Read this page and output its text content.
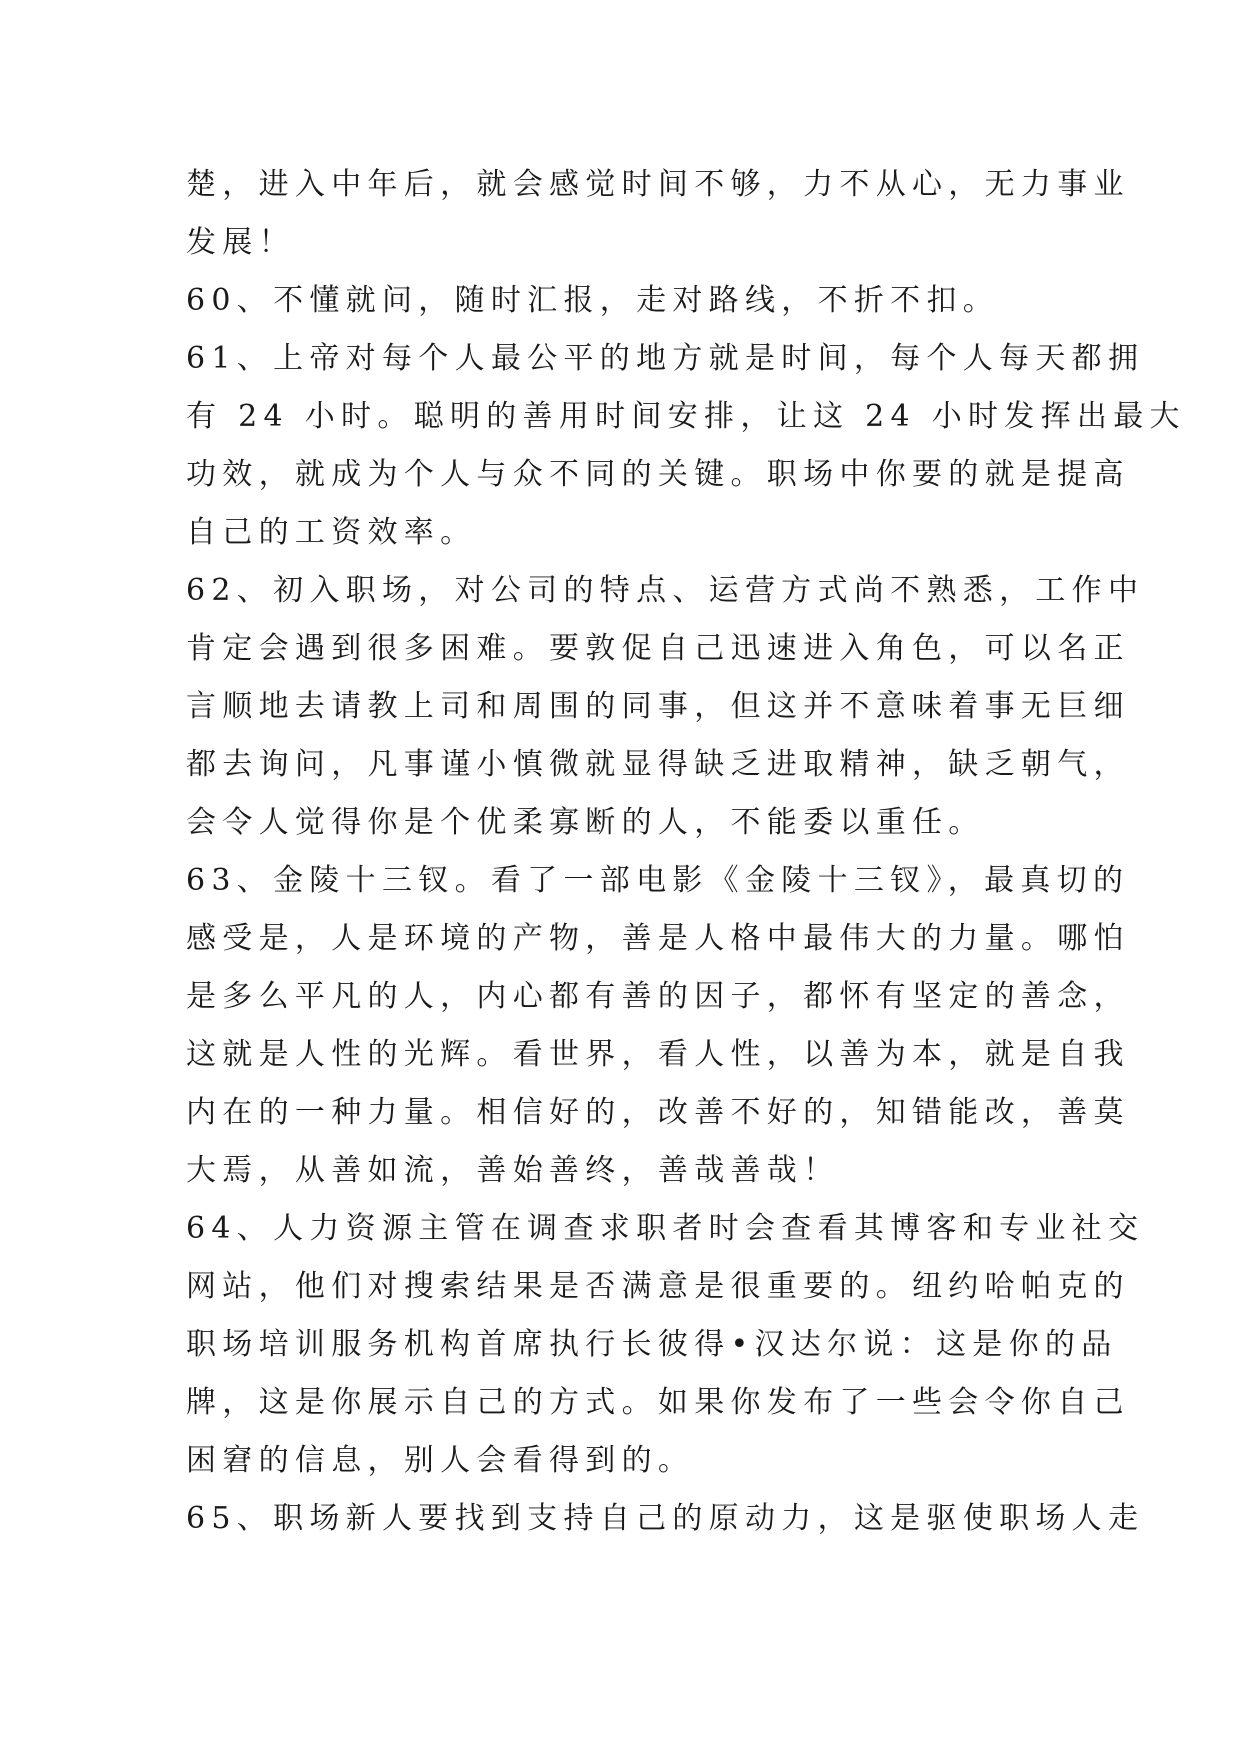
楚，进入中年后，就会感觉时间不够，力不从心，无力事业
发展！
60、不懂就问，随时汇报，走对路线，不折不扣。
61、上帝对每个人最公平的地方就是时间，每个人每天都拥
有 24 小时。聪明的善用时间安排，让这 24 小时发挥出最大
功效，就成为个人与众不同的关键。职场中你要的就是提高
自己的工资效率。
62、初入职场，对公司的特点、运营方式尚不熟悉，工作中
肯定会遇到很多困难。要敦促自己迅速进入角色，可以名正
言顺地去请教上司和周围的同事，但这并不意味着事无巨细
都去询问，凡事谨小慎微就显得缺乏进取精神，缺乏朝气，
会令人觉得你是个优柔寡断的人，不能委以重任。
63、金陵十三钗。看了一部电影《金陵十三钗》，最真切的
感受是，人是环境的产物，善是人格中最伟大的力量。哪怕
是多么平凡的人，内心都有善的因子，都怀有坚定的善念，
这就是人性的光辉。看世界，看人性，以善为本，就是自我
内在的一种力量。相信好的，改善不好的，知错能改，善莫
大焉，从善如流，善始善终，善哉善哉！
64、人力资源主管在调查求职者时会查看其博客和专业社交
网站，他们对搜索结果是否满意是很重要的。纽约哈帕克的
职场培训服务机构首席执行长彼得•汉达尔说：这是你的品
牌，这是你展示自己的方式。如果你发布了一些会令你自己
困窘的信息，别人会看得到的。
65、职场新人要找到支持自己的原动力，这是驱使职场人走
